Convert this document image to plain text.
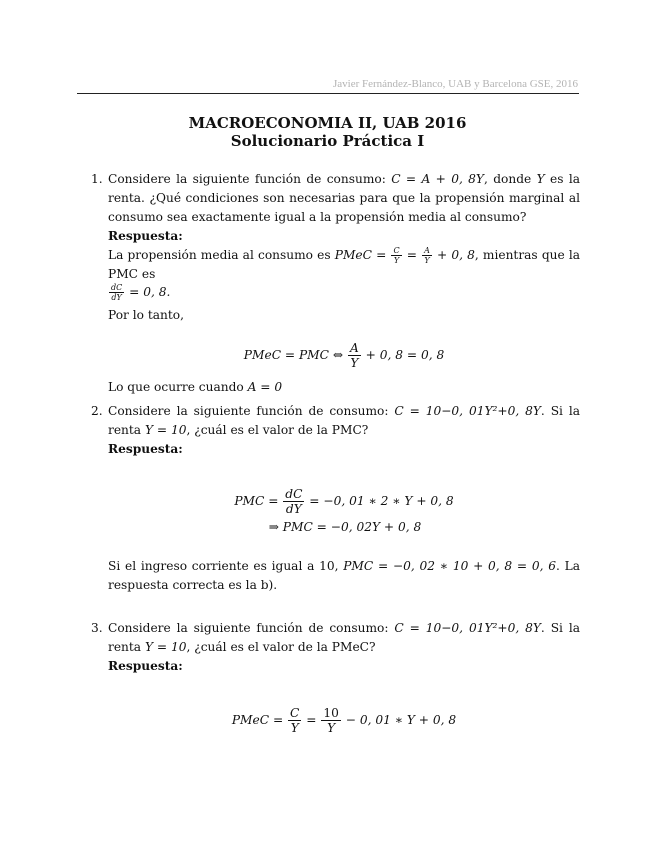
Javier Fernández-Blanco, UAB y Barcelona GSE, 2016
MACROECONOMIA II, UAB 2016
Solucionario Práctica I
1. Considere la siguiente función de consumo: C = A + 0, 8Y, donde Y es la renta. ¿Qué condiciones son necesarias para que la propensión marginal al consumo sea exactamente igual a la propensión media al consumo?

Respuesta:

La propensión media al consumo es PMeC = $\frac{C}{Y} = \frac{A}{Y} + 0$, 8, mientras que la PMC es

$\frac{dC}{dY} = 0$, 8.

Por lo tanto,

PMeC = PMC ⇔ $\frac{A}{Y} + 0$, 8 = 0, 8

Lo que ocurre cuando A = 0

2. Considere la siguiente función de consumo: C = 10−0, 01Y²+0, 8Y. Si la renta Y = 10, ¿cuál es el valor de la PMC?

Respuesta:

PMC = $\frac{dC}{dY} = -0$, 01 ∗ 2 ∗ Y + 0, 8

⇒ PMC = −0, 02Y + 0, 8

Si el ingreso corriente es igual a 10, PMC = −0, 02 ∗ 10 + 0, 8 = 0, 6. La respuesta correcta es la b).

3. Considere la siguiente función de consumo: C = 10−0, 01Y²+0, 8Y. Si la renta Y = 10, ¿cuál es el valor de la PMeC?

Respuesta:

PMeC = $\frac{C}{Y} = \frac{10}{Y} - 0$, 01 ∗ Y + 0, 8
